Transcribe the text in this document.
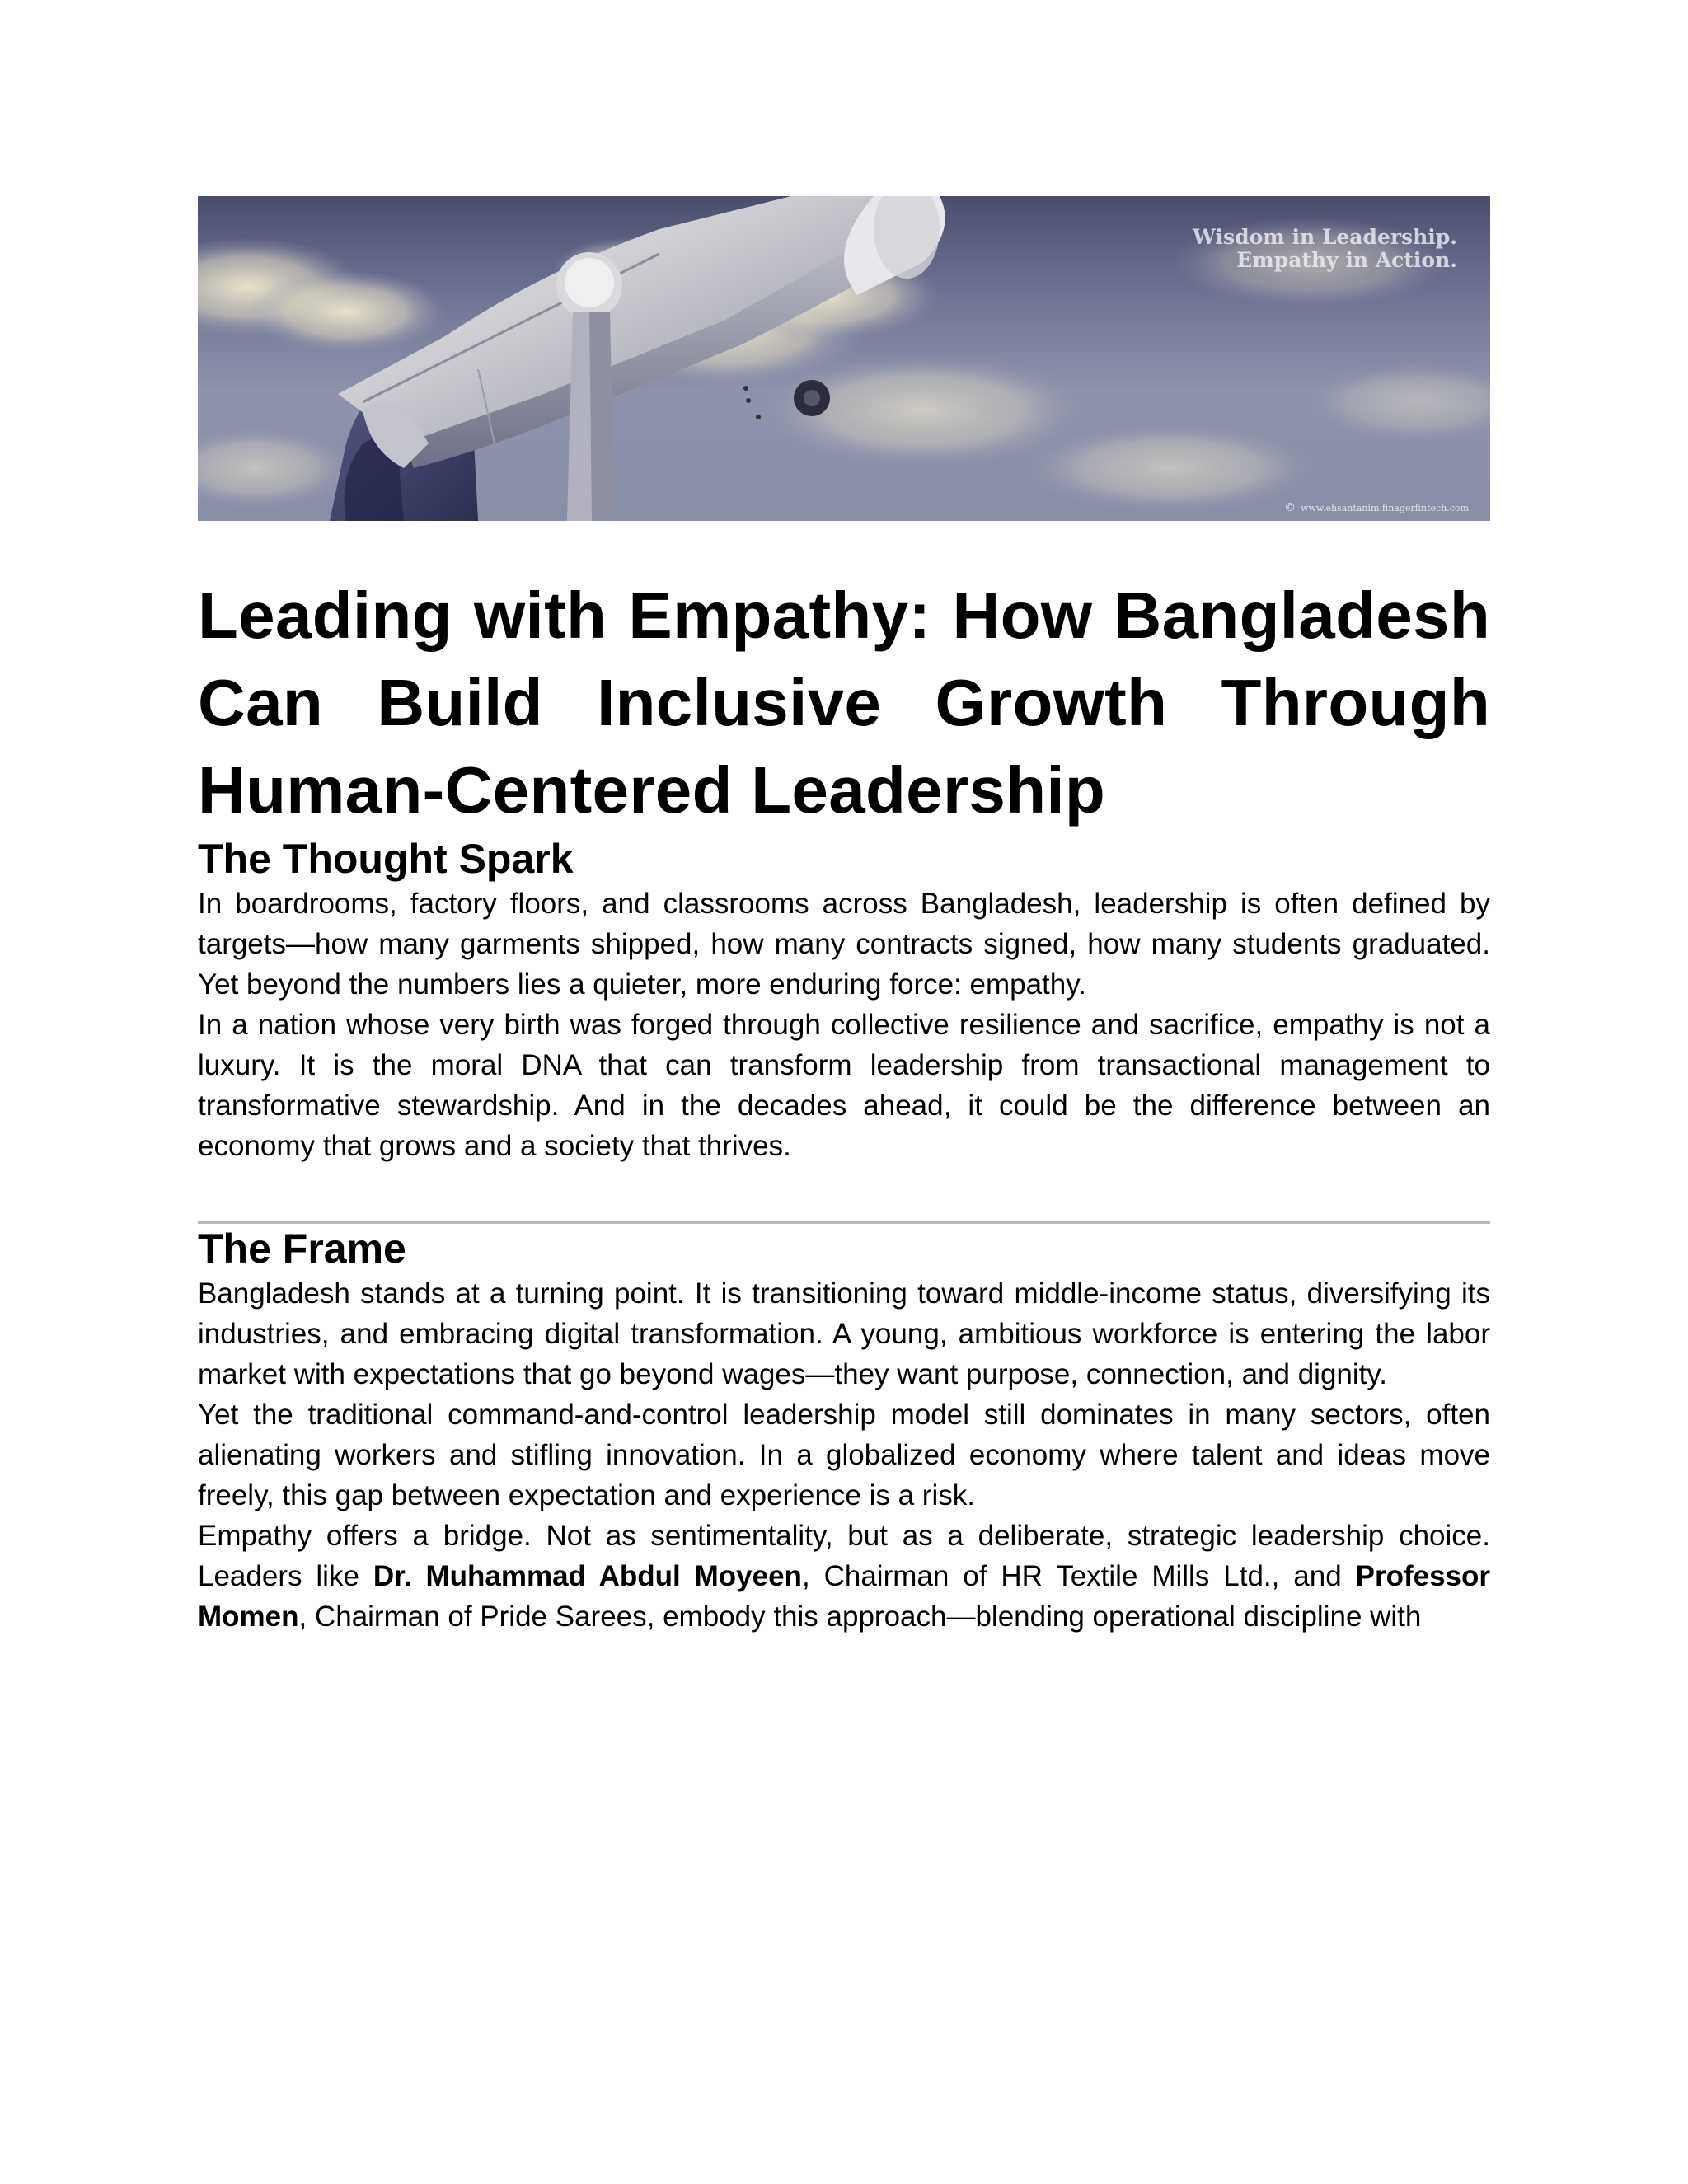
Wisdom in Leadership.
Empathy in Action.
© www.ehsantanim.finagerfintech.com
Leading with Empathy: How Bangladesh Can Build Inclusive Growth Through Human-Centered Leadership
The Thought Spark

In boardrooms, factory floors, and classrooms across Bangladesh, leadership is often defined by targets—how many garments shipped, how many contracts signed, how many students graduated. Yet beyond the numbers lies a quieter, more enduring force: empathy.

In a nation whose very birth was forged through collective resilience and sacrifice, empathy is not a luxury. It is the moral DNA that can transform leadership from transactional management to transformative stewardship. And in the decades ahead, it could be the difference between an economy that grows and a society that thrives.

The Frame

Bangladesh stands at a turning point. It is transitioning toward middle-income status, diversifying its industries, and embracing digital transformation. A young, ambitious workforce is entering the labor market with expectations that go beyond wages—they want purpose, connection, and dignity.

Yet the traditional command-and-control leadership model still dominates in many sectors, often alienating workers and stifling innovation. In a globalized economy where talent and ideas move freely, this gap between expectation and experience is a risk.

Empathy offers a bridge. Not as sentimentality, but as a deliberate, strategic leadership choice. Leaders like Dr. Muhammad Abdul Moyeen, Chairman of HR Textile Mills Ltd., and Professor Momen, Chairman of Pride Sarees, embody this approach—blending operational discipline with
